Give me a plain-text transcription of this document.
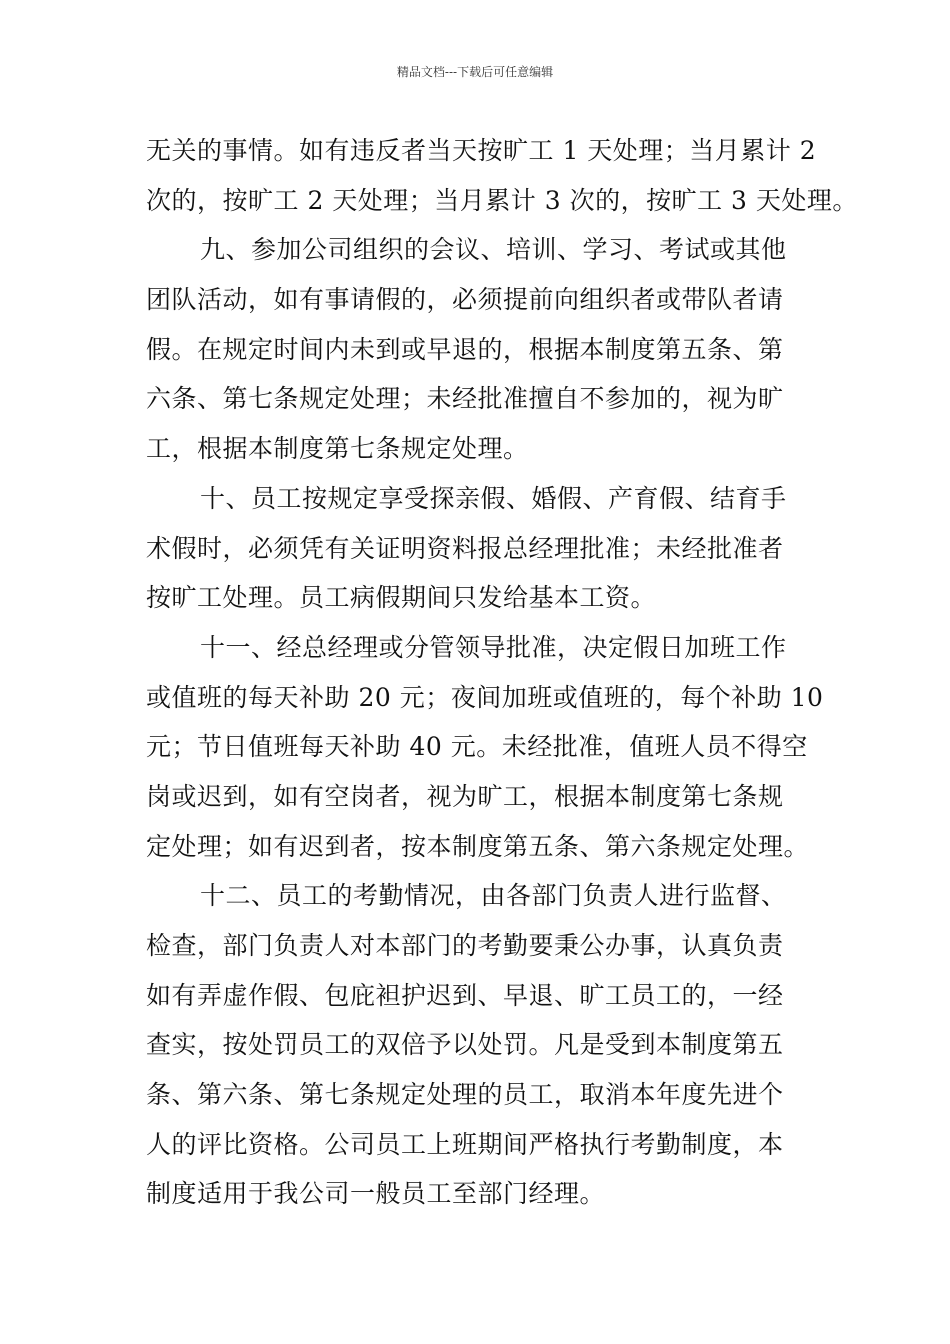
精品文档---下载后可任意编辑
无关的事情。如有违反者当天按旷工 1 天处理；当月累计 2
次的，按旷工 2 天处理；当月累计 3 次的，按旷工 3 天处理。
九、参加公司组织的会议、培训、学习、考试或其他
团队活动，如有事请假的，必须提前向组织者或带队者请
假。在规定时间内未到或早退的，根据本制度第五条、第
六条、第七条规定处理；未经批准擅自不参加的，视为旷
工，根据本制度第七条规定处理。
十、员工按规定享受探亲假、婚假、产育假、结育手
术假时，必须凭有关证明资料报总经理批准；未经批准者
按旷工处理。员工病假期间只发给基本工资。
十一、经总经理或分管领导批准，决定假日加班工作
或值班的每天补助 20 元；夜间加班或值班的，每个补助 10
元；节日值班每天补助 40 元。未经批准，值班人员不得空
岗或迟到，如有空岗者，视为旷工，根据本制度第七条规
定处理；如有迟到者，按本制度第五条、第六条规定处理。
十二、员工的考勤情况，由各部门负责人进行监督、
检查，部门负责人对本部门的考勤要秉公办事，认真负责
如有弄虚作假、包庇袒护迟到、早退、旷工员工的，一经
查实，按处罚员工的双倍予以处罚。凡是受到本制度第五
条、第六条、第七条规定处理的员工，取消本年度先进个
人的评比资格。公司员工上班期间严格执行考勤制度，本
制度适用于我公司一般员工至部门经理。
